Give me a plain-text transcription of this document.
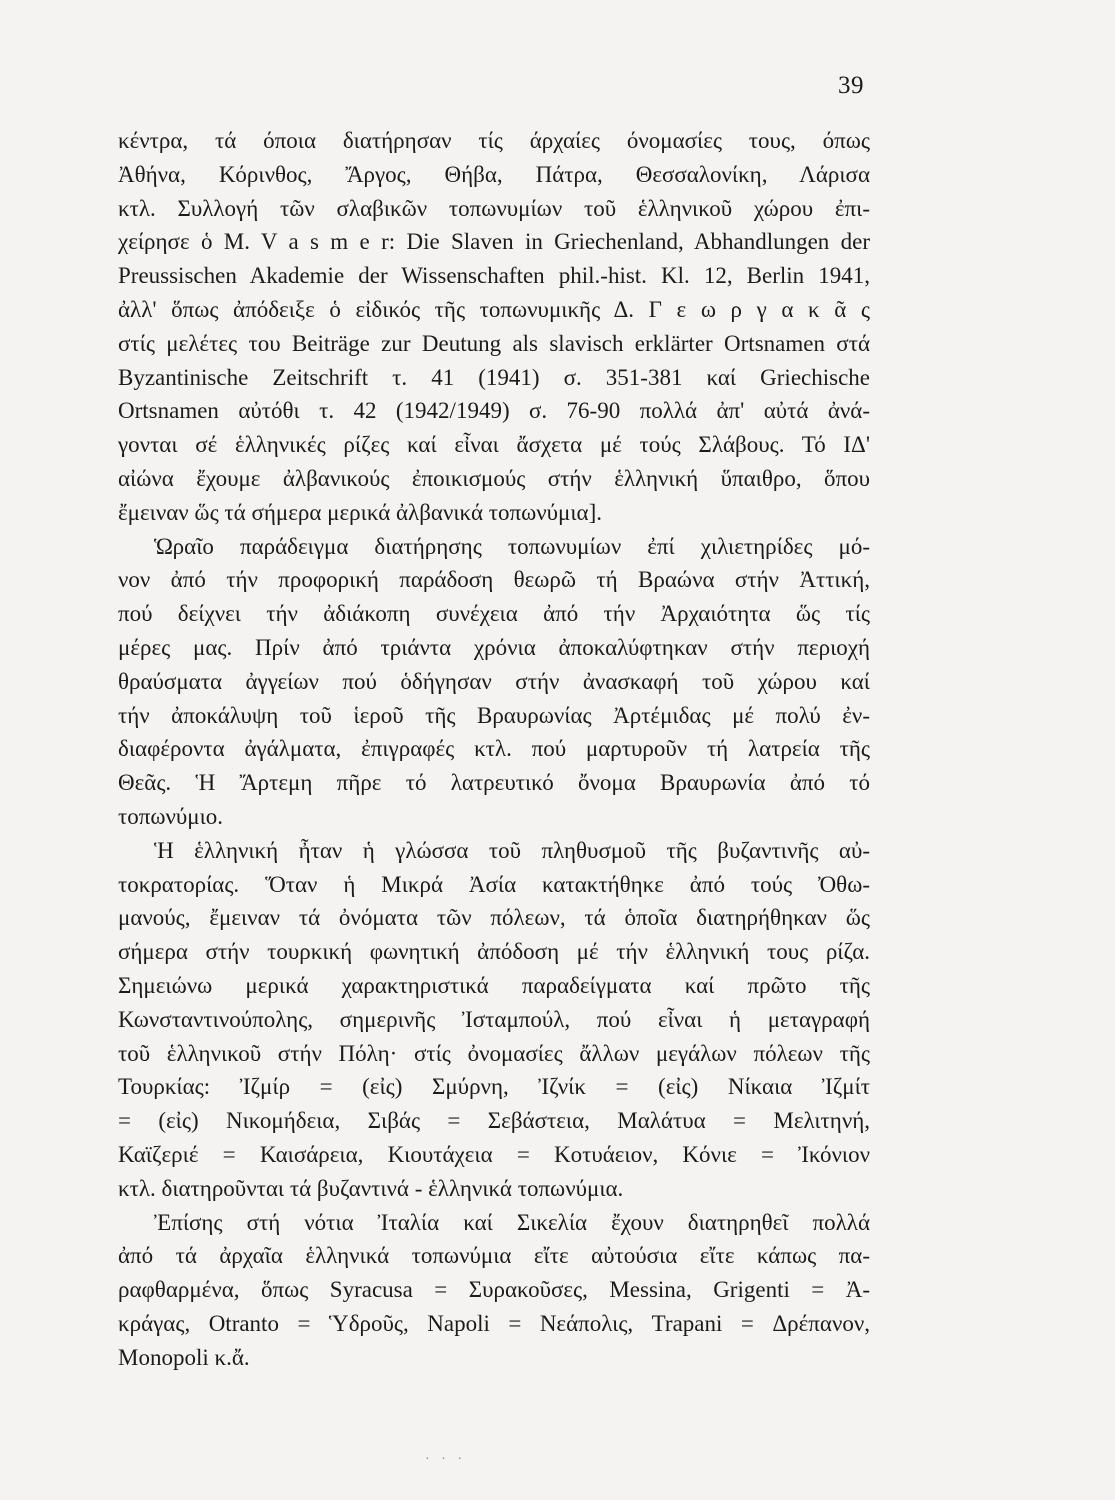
39
κέντρα, τά όποια διατήρησαν τίς άρχαίες όνομασίες τους, όπως
Ἀθήνα, Κόρινθος, Ἄργος, Θήβα, Πάτρα, Θεσσαλονίκη, Λάρισα
κτλ. Συλλογή τῶν σλαβικῶν τοπωνυμίων τοῦ ἑλληνικοῦ χώρου ἐπι-
χείρησε ὁ M. V a s m e r: Die Slaven in Griechenland, Abhandlungen der
Preussischen Akademie der Wissenschaften phil.-hist. Kl. 12, Berlin 1941,
ἀλλ' ὅπως ἀπόδειξε ὁ εἰδικός τῆς τοπωνυμικῆς Δ. Γ ε ω ρ γ α κ ᾶ ς
στίς μελέτες του Beiträge zur Deutung als slavisch erklärter Ortsnamen στά
Byzantinische Zeitschrift τ. 41 (1941) σ. 351-381 καί Griechische
Ortsnamen αὐτόθι τ. 42 (1942/1949) σ. 76-90 πολλά ἀπ' αὐτά ἀνά-
γονται σέ ἑλληνικές ρίζες καί εἶναι ἄσχετα μέ τούς Σλάβους. Τό ΙΔ'
αἰώνα ἔχουμε ἀλβανικούς ἐποικισμούς στήν ἑλληνική ὕπαιθρο, ὅπου
ἔμειναν ὥς τά σήμερα μερικά ἀλβανικά τοπωνύμια].
Ὡραῖο παράδειγμα διατήρησης τοπωνυμίων ἐπί χιλιετηρίδες μό-
νον ἀπό τήν προφορική παράδοση θεωρῶ τή Βραώνα στήν Ἀττική,
πού δείχνει τήν ἀδιάκοπη συνέχεια ἀπό τήν Ἀρχαιότητα ὥς τίς
μέρες μας. Πρίν ἀπό τριάντα χρόνια ἀποκαλύφτηκαν στήν περιοχή
θραύσματα ἀγγείων πού ὁδήγησαν στήν ἀνασκαφή τοῦ χώρου καί
τήν ἀποκάλυψη τοῦ ἱεροῦ τῆς Βραυρωνίας Ἀρτέμιδας μέ πολύ ἐν-
διαφέροντα ἀγάλματα, ἐπιγραφές κτλ. πού μαρτυροῦν τή λατρεία τῆς
Θεᾶς. Ἡ Ἄρτεμη πῆρε τό λατρευτικό ὄνομα Βραυρωνία ἀπό τό
τοπωνύμιο.
Ἡ ἑλληνική ἦταν ἡ γλώσσα τοῦ πληθυσμοῦ τῆς βυζαντινῆς αὐ-
τοκρατορίας. Ὅταν ἡ Μικρά Ἀσία κατακτήθηκε ἀπό τούς Ὀθω-
μανούς, ἔμειναν τά ὀνόματα τῶν πόλεων, τά ὁποῖα διατηρήθηκαν ὥς
σήμερα στήν τουρκική φωνητική ἀπόδοση μέ τήν ἑλληνική τους ρίζα.
Σημειώνω μερικά χαρακτηριστικά παραδείγματα καί πρῶτο τῆς
Κωνσταντινούπολης, σημερινῆς Ἰσταμπούλ, πού εἶναι ἡ μεταγραφή
τοῦ ἑλληνικοῦ στήν Πόλη· στίς ὀνομασίες ἄλλων μεγάλων πόλεων τῆς
Τουρκίας: Ἰζμίρ = (εἰς) Σμύρνη, Ἰζνίκ = (εἰς) Νίκαια Ἰζμίτ
= (εἰς) Νικομήδεια, Σιβάς = Σεβάστεια, Μαλάτυα = Μελιτηνή,
Καϊζεριέ = Καισάρεια, Κιουτάχεια = Κοτυάειον, Κόνιε = Ἰκόνιον
κτλ. διατηροῦνται τά βυζαντινά - ἑλληνικά τοπωνύμια.
Ἐπίσης στή νότια Ἰταλία καί Σικελία ἔχουν διατηρηθεῖ πολλά
ἀπό τά ἀρχαῖα ἑλληνικά τοπωνύμια εἴτε αὐτούσια εἴτε κάπως πα-
ραφθαρμένα, ὅπως Syracusa = Συρακοῦσες, Messina, Grigenti = Ἀ-
κράγας, Otranto = Ὑδροῦς, Napoli = Νεάπολις, Trapani = Δρέπανον,
Monopoli κ.ἄ.
· · ·
